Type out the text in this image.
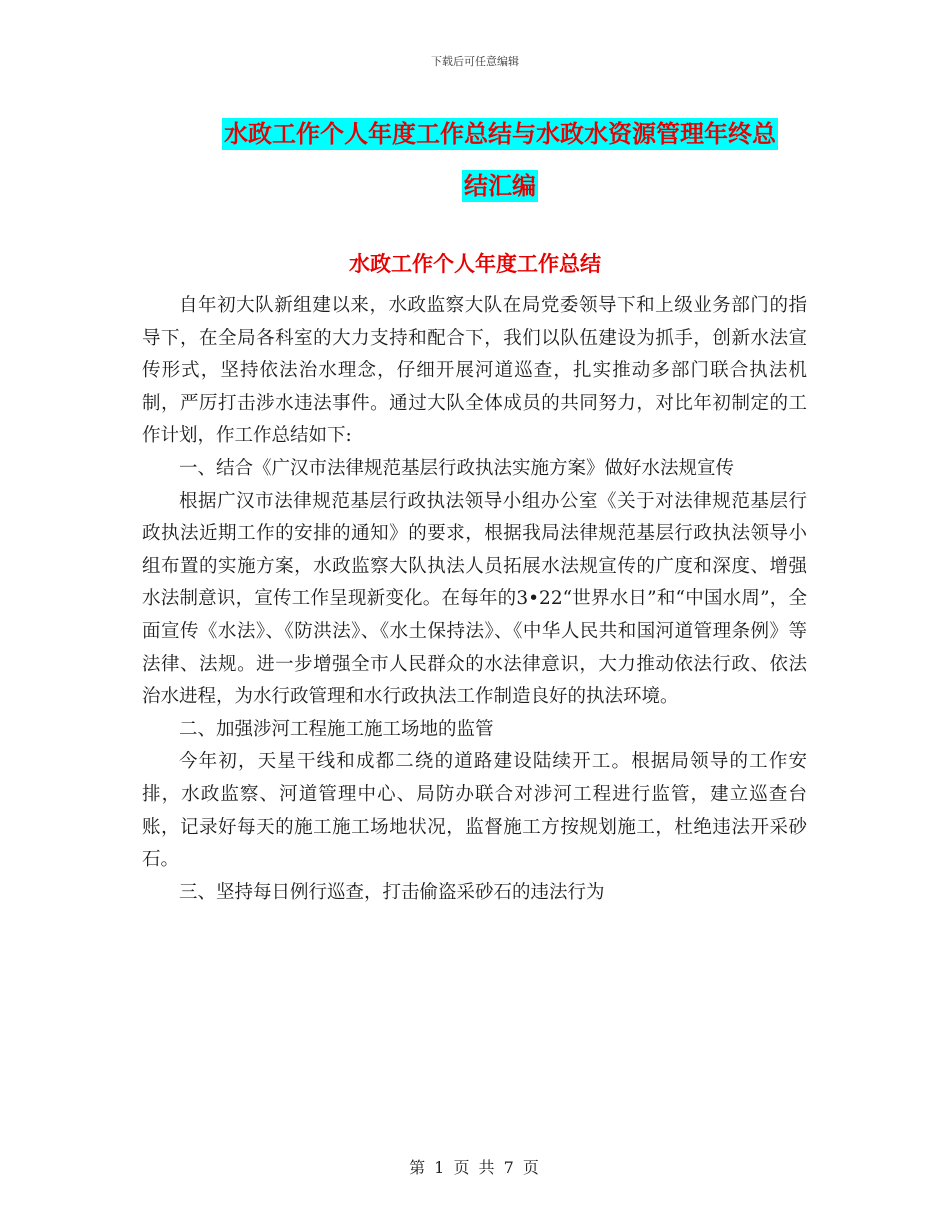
下载后可任意编辑
水政工作个人年度工作总结与水政水资源管理年终总
结汇编
水政工作个人年度工作总结

自年初大队新组建以来，水政监察大队在局党委领导下和上级业务部门的指导下，在全局各科室的大力支持和配合下，我们以队伍建设为抓手，创新水法宣传形式，坚持依法治水理念，仔细开展河道巡查，扎实推动多部门联合执法机制，严厉打击涉水违法事件。通过大队全体成员的共同努力，对比年初制定的工作计划，作工作总结如下:

一、结合《广汉市法律规范基层行政执法实施方案》做好水法规宣传

根据广汉市法律规范基层行政执法领导小组办公室《关于对法律规范基层行政执法近期工作的安排的通知》的要求，根据我局法律规范基层行政执法领导小组布置的实施方案，水政监察大队执法人员拓展水法规宣传的广度和深度、增强水法制意识，宣传工作呈现新变化。在每年的3•22“世界水日”和“中国水周”，全面宣传《水法》、《防洪法》、《水土保持法》、《中华人民共和国河道管理条例》等法律、法规。进一步增强全市人民群众的水法律意识，大力推动依法行政、依法治水进程，为水行政管理和水行政执法工作制造良好的执法环境。

二、加强涉河工程施工施工场地的监管

今年初，天星干线和成都二绕的道路建设陆续开工。根据局领导的工作安排，水政监察、河道管理中心、局防办联合对涉河工程进行监管，建立巡查台账，记录好每天的施工施工场地状况，监督施工方按规划施工，杜绝违法开采砂石。

三、坚持每日例行巡查，打击偷盗采砂石的违法行为

第 1 页 共 7 页
